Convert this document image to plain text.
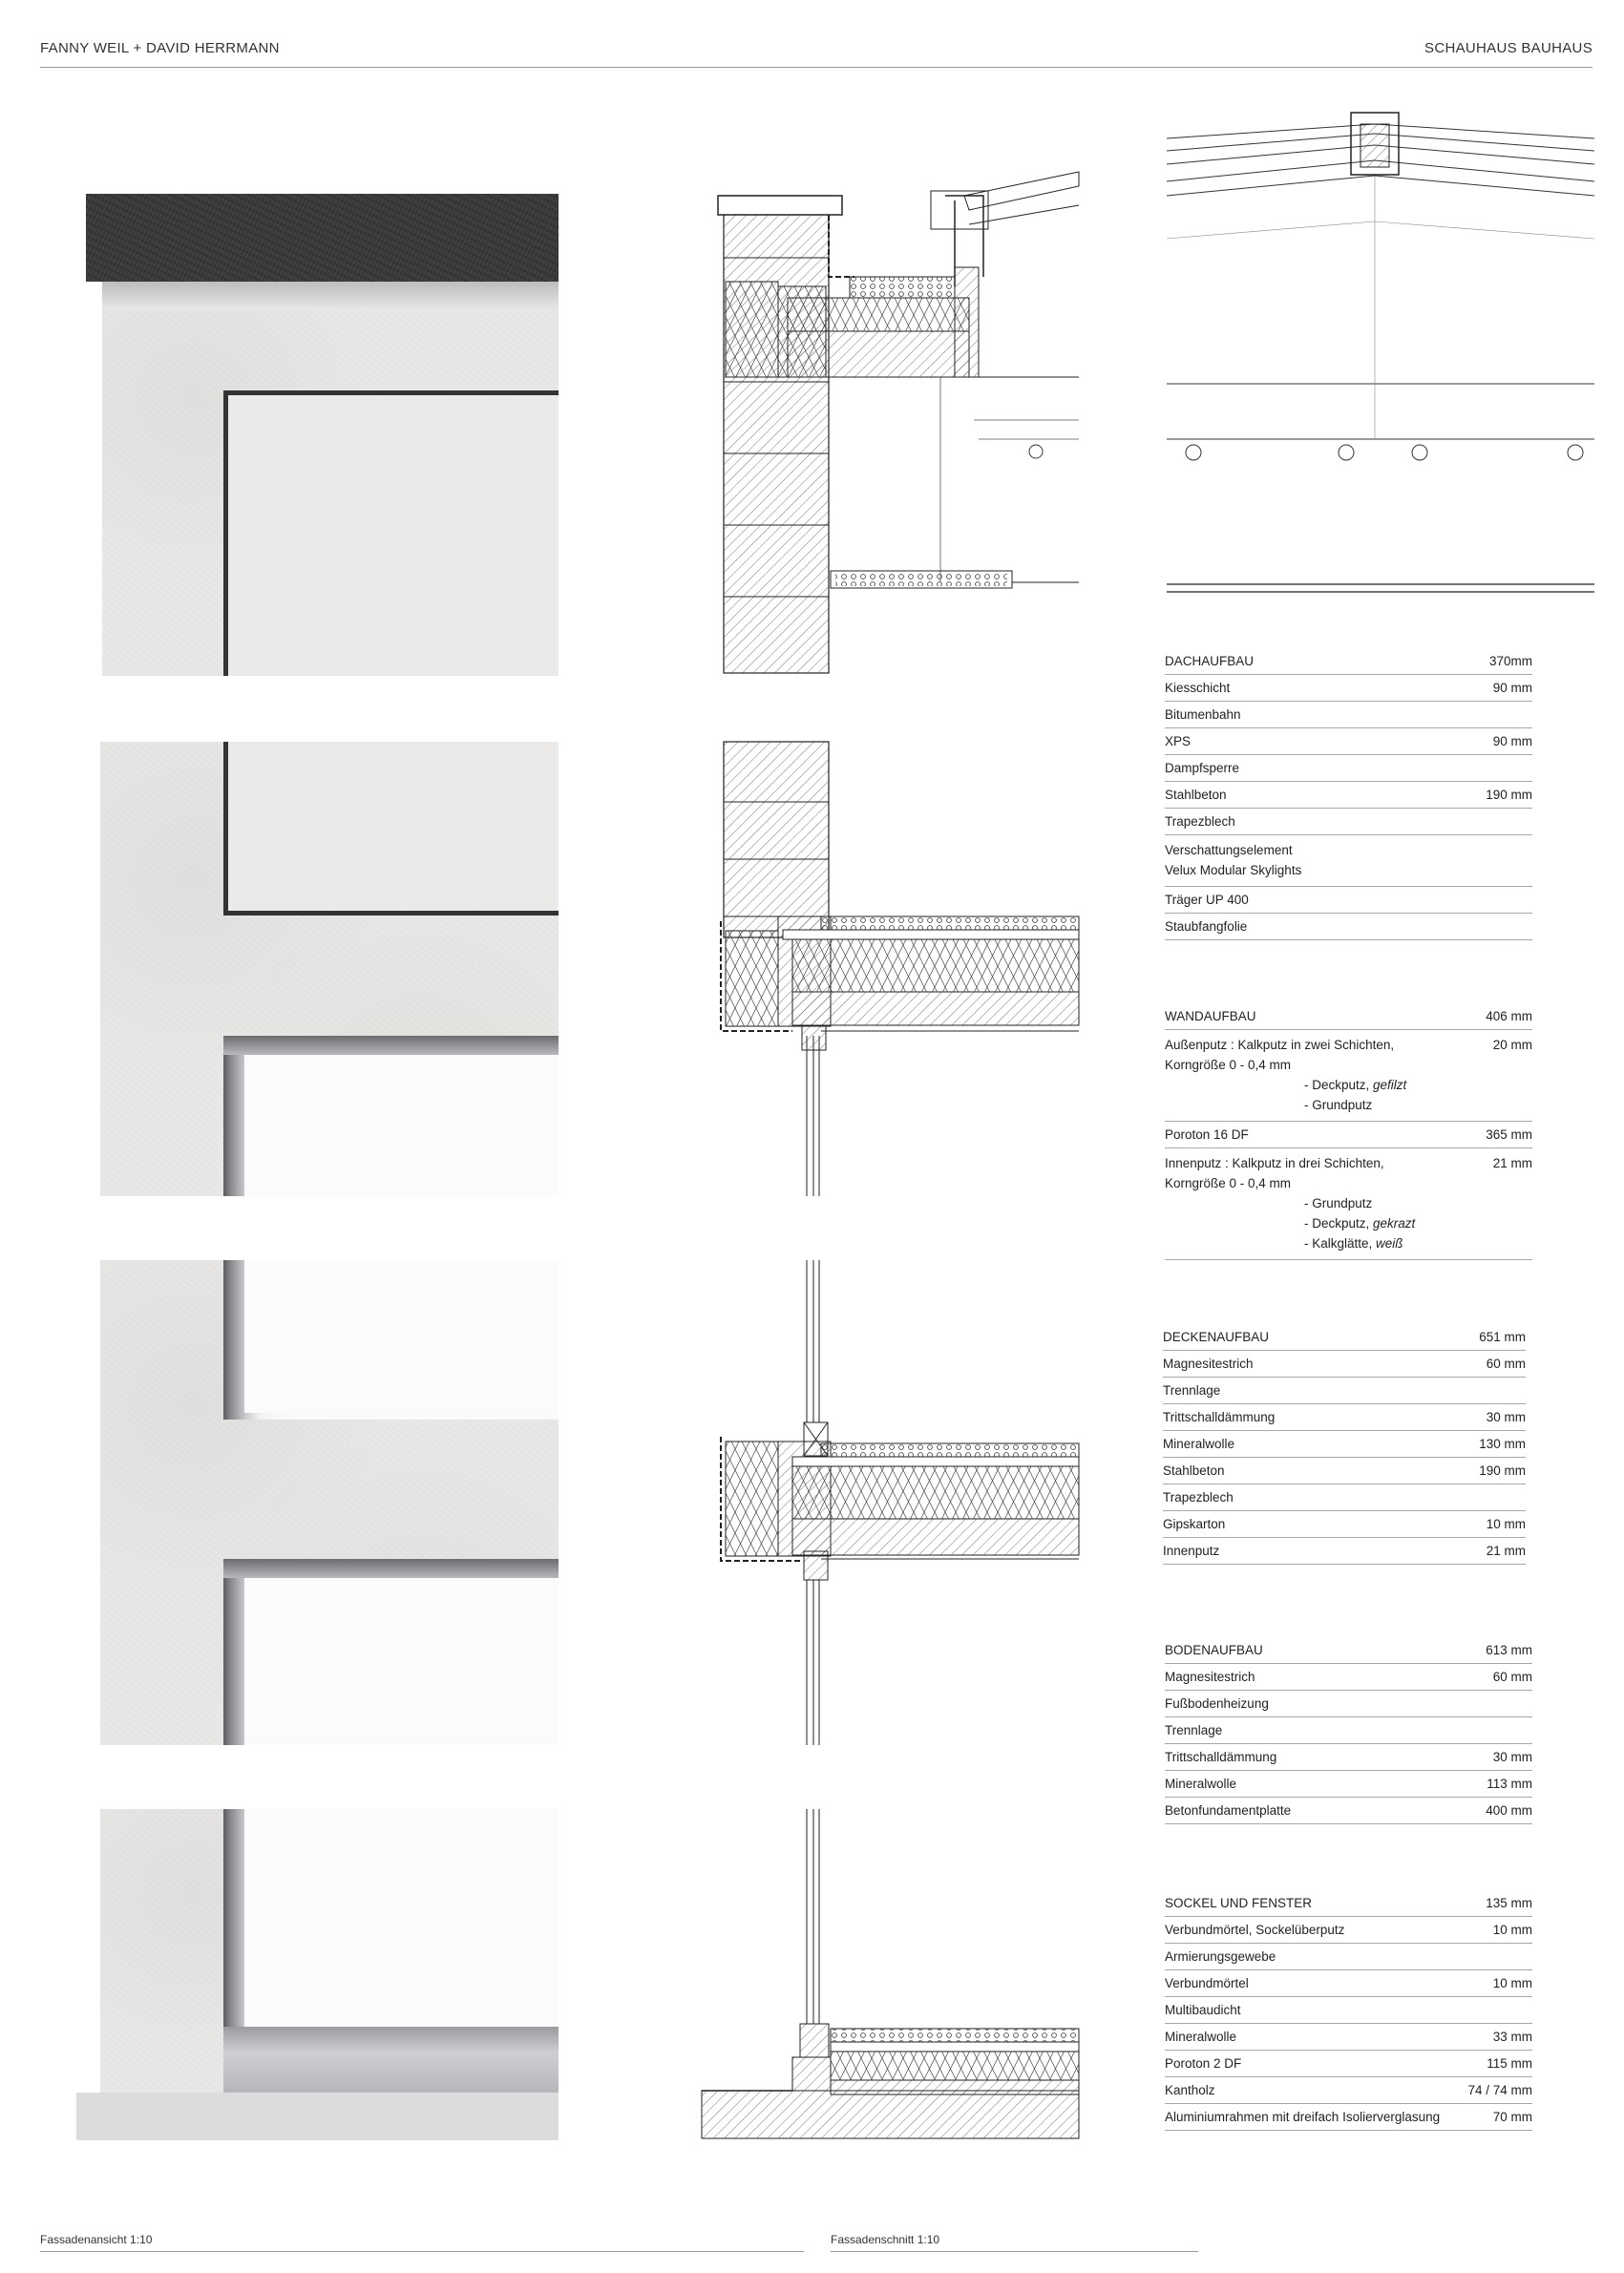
FANNY WEIL + DAVID HERRMANN	SCHAUHAUS BAUHAUS
DACHAUFBAU	370mm
Kiesschicht	90 mm
Bitumenbahn
XPS	90 mm
Dampfsperre
Stahlbeton	190 mm
Trapezblech
Verschattungselement
Velux Modular Skylights
Träger UP 400
Staubfangfolie
WANDAUFBAU	406 mm
Außenputz : Kalkputz in zwei Schichten,	20 mm
Korngröße 0 - 0,4 mm
- Deckputz, gefilzt
- Grundputz
Poroton 16 DF	365 mm
Innenputz : Kalkputz in drei Schichten,	21 mm
Korngröße 0 - 0,4 mm
- Grundputz
- Deckputz, gekrazt
- Kalkglätte, weiß
DECKENAUFBAU	651 mm
Magnesitestrich	60 mm
Trennlage
Trittschalldämmung	30 mm
Mineralwolle	130 mm
Stahlbeton	190 mm
Trapezblech
Gipskarton	10 mm
Innenputz	21 mm
BODENAUFBAU	613 mm
Magnesitestrich	60 mm
Fußbodenheizung
Trennlage
Trittschalldämmung	30 mm
Mineralwolle	113 mm
Betonfundamentplatte	400 mm
SOCKEL UND FENSTER	135 mm
Verbundmörtel, Sockelüberputz	10 mm
Armierungsgewebe
Verbundmörtel	10 mm
Multibaudicht
Mineralwolle	33 mm
Poroton 2 DF	115 mm
Kantholz	74 / 74 mm
Aluminiumrahmen mit dreifach Isolierverglasung	70 mm
Fassadenansicht 1:10	Fassadenschnitt 1:10
